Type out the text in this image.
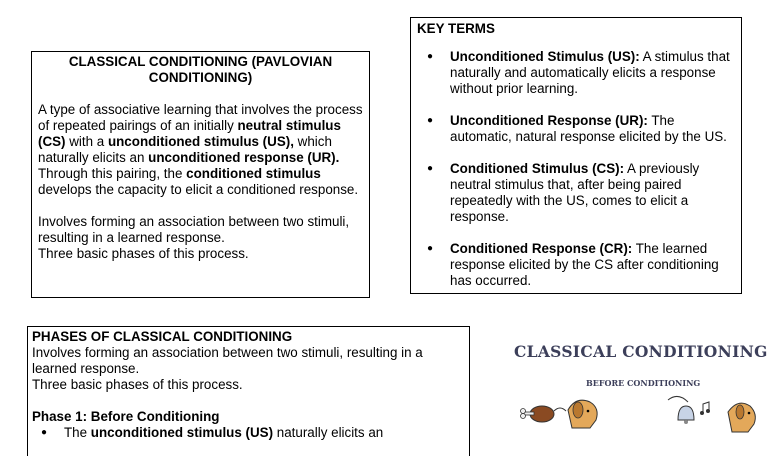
CLASSICAL CONDITIONING (PAVLOVIAN
CONDITIONING)

A type of associative learning that involves the process of repeated pairings of an initially neutral stimulus (CS) with a unconditioned stimulus (US), which naturally elicits an unconditioned response (UR). Through this pairing, the conditioned stimulus develops the capacity to elicit a conditioned response.

Involves forming an association between two stimuli, resulting in a learned response.
Three basic phases of this process.

KEY TERMS
● Unconditioned Stimulus (US): A stimulus that naturally and automatically elicits a response without prior learning.
● Unconditioned Response (UR): The automatic, natural response elicited by the US.
● Conditioned Stimulus (CS): A previously neutral stimulus that, after being paired repeatedly with the US, comes to elicit a response.
● Conditioned Response (CR): The learned response elicited by the CS after conditioning has occurred.
PHASES OF CLASSICAL CONDITIONING

Involves forming an association between two stimuli, resulting in a learned response.
Three basic phases of this process.

Phase 1: Before Conditioning

● The unconditioned stimulus (US) naturally elicits an

CLASSICAL CONDITIONING
BEFORE CONDITIONING
